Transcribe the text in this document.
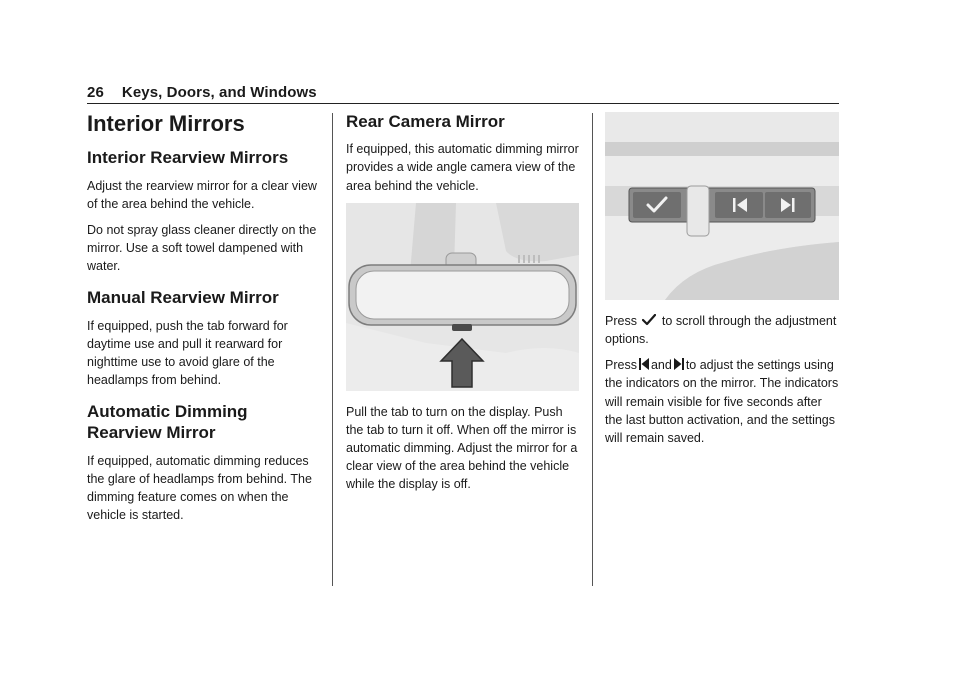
26 Keys, Doors, and Windows
Interior Mirrors
Interior Rearview Mirrors

Adjust the rearview mirror for a clear view of the area behind the vehicle.

Do not spray glass cleaner directly on the mirror. Use a soft towel dampened with water.

Manual Rearview Mirror

If equipped, push the tab forward for daytime use and pull it rearward for nighttime use to avoid glare of the headlamps from behind.

Automatic Dimming Rearview Mirror

If equipped, automatic dimming reduces the glare of headlamps from behind. The dimming feature comes on when the vehicle is started.

Rear Camera Mirror

If equipped, this automatic dimming mirror provides a wide angle camera view of the area behind the vehicle.

Pull the tab to turn on the display. Push the tab to turn it off. When off the mirror is automatic dimming. Adjust the mirror for a clear view of the area behind the vehicle while the display is off.

Press to scroll through the adjustment options.

Press and to adjust the settings using the indicators on the mirror. The indicators will remain visible for five seconds after the last button activation, and the settings will remain saved.
